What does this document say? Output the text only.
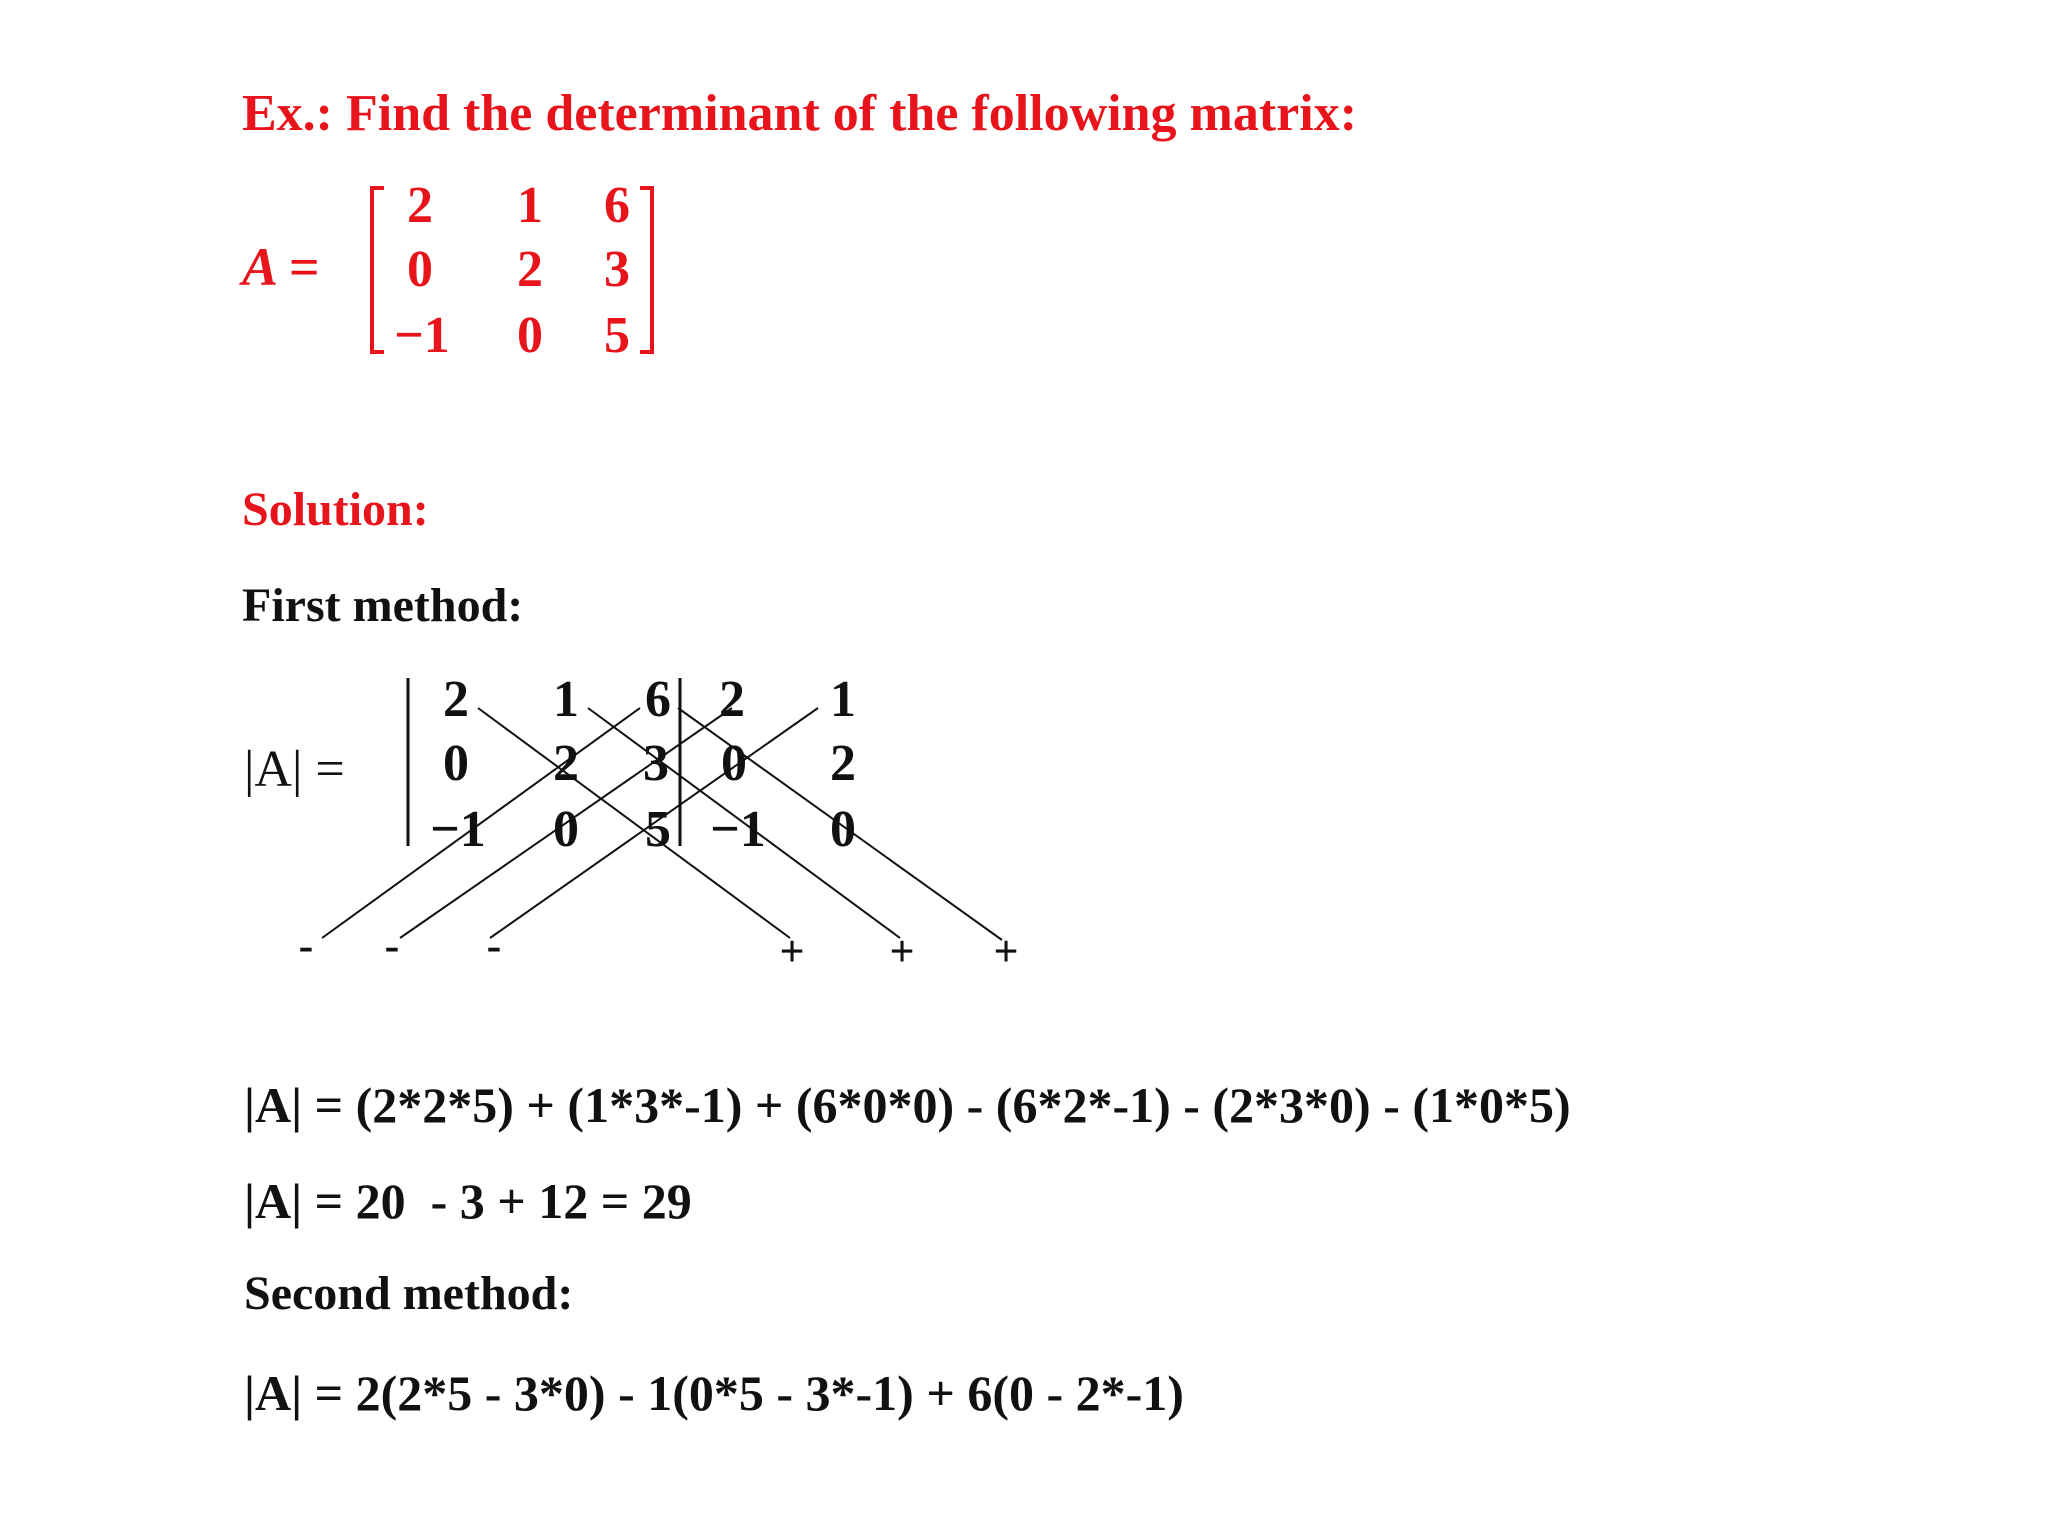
Ex.: Find the determinant of the following matrix:
A =
2 1 6
0 2 3
−1 0 5
2 1 6 2 1
0 2 3 0 2
−1 0 5 −1 0
- - -	+ + +
Solution:
First method:
|A| =
|A| = (2*2*5) + (1*3*-1) + (6*0*0) - (6*2*-1) - (2*3*0) - (1*0*5)
|A| = 20  - 3 + 12 = 29
Second method:
|A| = 2(2*5 - 3*0) - 1(0*5 - 3*-1) + 6(0 - 2*-1)
